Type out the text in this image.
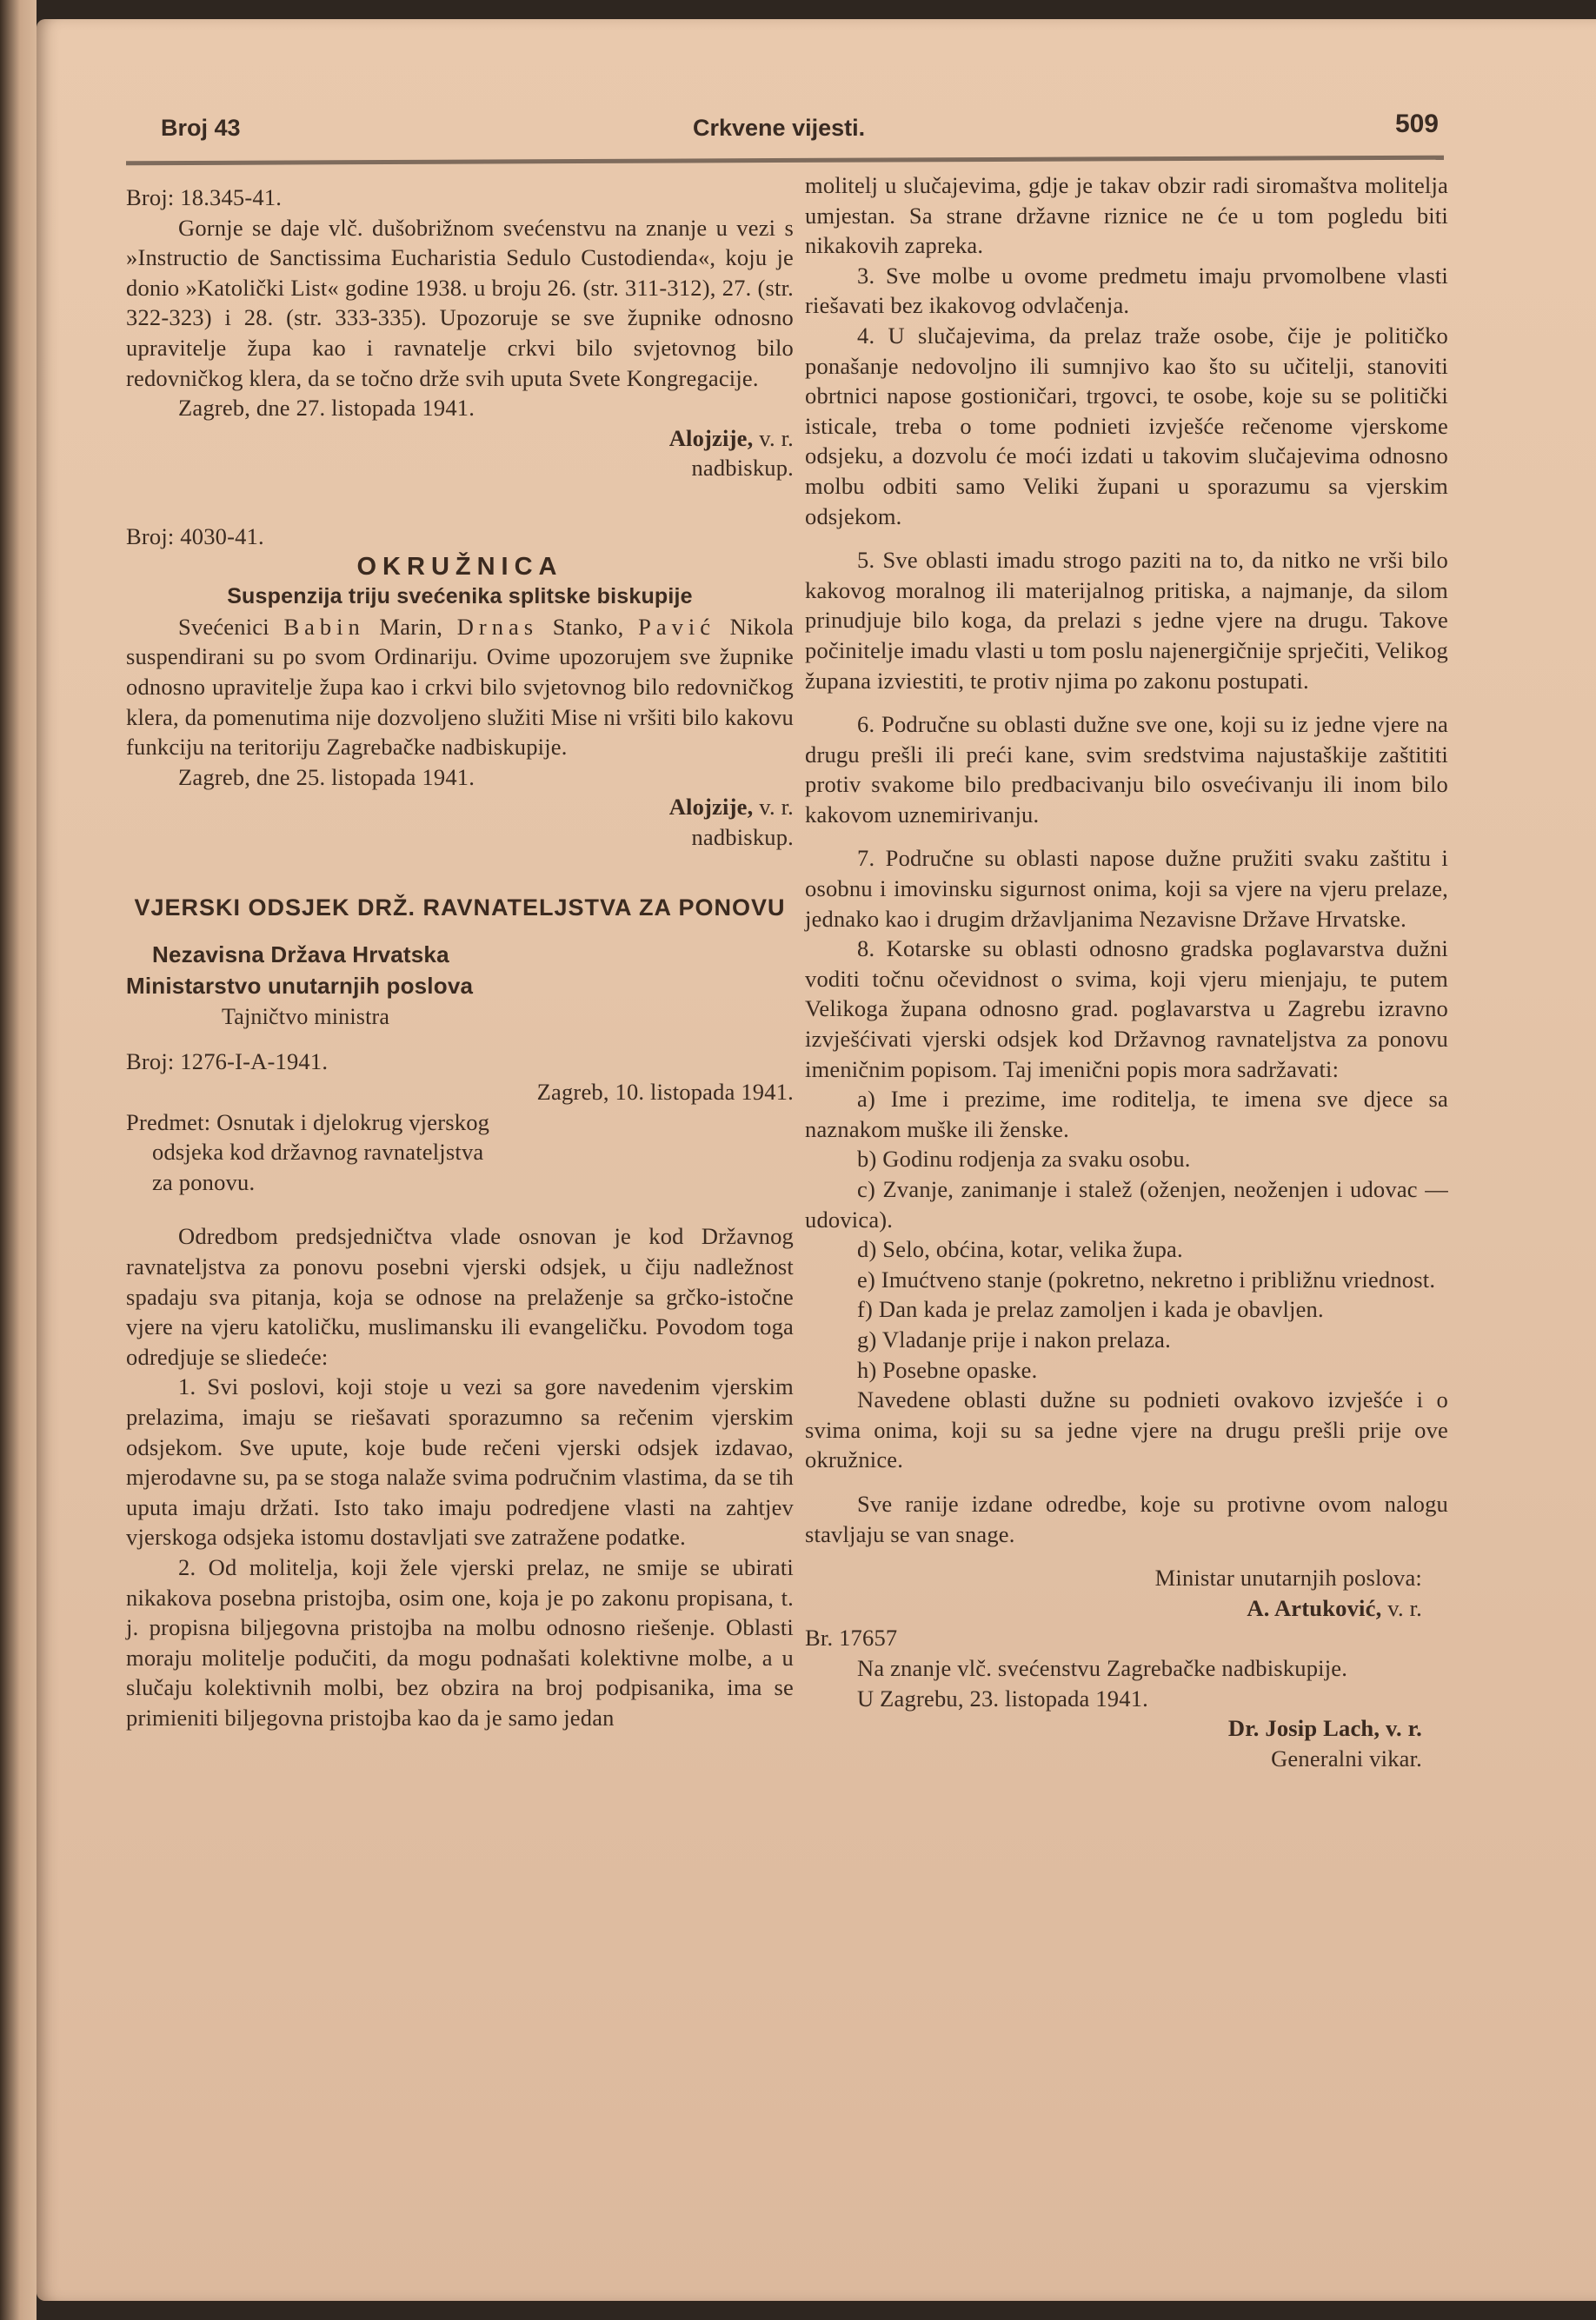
Broj 43	Crkvene vijesti.	509

Broj: 18.345-41.

Gornje se daje vlč. dušobrižnom svećenstvu na znanje u vezi s »Instructio de Sanctissima Eucharistia Sedulo Custodienda«, koju je donio »Katolički List« godine 1938. u broju 26. (str. 311-312), 27. (str. 322-323) i 28. (str. 333-335). Upozoruje se sve župnike odnosno upravitelje župa kao i ravnatelje crkvi bilo svjetovnog bilo redovničkog klera, da se točno drže svih uputa Svete Kongregacije.

Zagreb, dne 27. listopada 1941.

Alojzije, v. r.

nadbiskup.

Broj: 4030-41.

OKRUŽNICA

Suspenzija triju svećenika splitske biskupije

Svećenici Babin Marin, Drnas Stanko, Pavić Nikola suspendirani su po svom Ordinariju. Ovime upozorujem sve župnike odnosno upravitelje župa kao i crkvi bilo svjetovnog bilo redovničkog klera, da pomenutima nije dozvoljeno služiti Mise ni vršiti bilo kakovu funkciju na teritoriju Zagrebačke nadbiskupije.

Zagreb, dne 25. listopada 1941.

Alojzije, v. r.

nadbiskup.

VJERSKI ODSJEK DRŽ. RAVNATELJSTVA ZA PONOVU

Nezavisna Država Hrvatska
Ministarstvo unutarnjih poslova
Tajničtvo ministra

Broj: 1276-I-A-1941.

Zagreb, 10. listopada 1941.

Predmet: Osnutak i djelokrug vjerskog
odsjeka kod državnog ravnateljstva
za ponovu.

Odredbom predsjedničtva vlade osnovan je kod Državnog ravnateljstva za ponovu posebni vjerski odsjek, u čiju nadležnost spadaju sva pitanja, koja se odnose na prelaženje sa grčko-istočne vjere na vjeru katoličku, muslimansku ili evangeličku. Povodom toga odredjuje se sliedeće:

1. Svi poslovi, koji stoje u vezi sa gore navedenim vjerskim prelazima, imaju se riešavati sporazumno sa rečenim vjerskim odsjekom. Sve upute, koje bude rečeni vjerski odsjek izdavao, mjerodavne su, pa se stoga nalaže svima područnim vlastima, da se tih uputa imaju držati. Isto tako imaju podredjene vlasti na zahtjev vjerskoga odsjeka istomu dostavljati sve zatražene podatke.

2. Od molitelja, koji žele vjerski prelaz, ne smije se ubirati nikakova posebna pristojba, osim one, koja je po zakonu propisana, t. j. propisna biljegovna pristojba na molbu odnosno riešenje. Oblasti moraju molitelje podučiti, da mogu podnašati kolektivne molbe, a u slučaju kolektivnih molbi, bez obzira na broj podpisanika, ima se primieniti biljegovna pristojba kao da je samo jedan

molitelj u slučajevima, gdje je takav obzir radi siromaštva molitelja umjestan. Sa strane državne riznice ne će u tom pogledu biti nikakovih zapreka.

3. Sve molbe u ovome predmetu imaju prvomolbene vlasti riešavati bez ikakovog odvlačenja.

4. U slučajevima, da prelaz traže osobe, čije je političko ponašanje nedovoljno ili sumnjivo kao što su učitelji, stanoviti obrtnici napose gostioničari, trgovci, te osobe, koje su se politički isticale, treba o tome podnieti izvješće rečenome vjerskome odsjeku, a dozvolu će moći izdati u takovim slučajevima odnosno molbu odbiti samo Veliki župani u sporazumu sa vjerskim odsjekom.

5. Sve oblasti imadu strogo paziti na to, da nitko ne vrši bilo kakovog moralnog ili materijalnog pritiska, a najmanje, da silom prinudjuje bilo koga, da prelazi s jedne vjere na drugu. Takove počinitelje imadu vlasti u tom poslu najenergičnije sprječiti, Velikog župana izviestiti, te protiv njima po zakonu postupati.

6. Područne su oblasti dužne sve one, koji su iz jedne vjere na drugu prešli ili preći kane, svim sredstvima najustaškije zaštititi protiv svakome bilo predbacivanju bilo osvećivanju ili inom bilo kakovom uznemirivanju.

7. Područne su oblasti napose dužne pružiti svaku zaštitu i osobnu i imovinsku sigurnost onima, koji sa vjere na vjeru prelaze, jednako kao i drugim državljanima Nezavisne Države Hrvatske.

8. Kotarske su oblasti odnosno gradska poglavarstva dužni voditi točnu očevidnost o svima, koji vjeru mienjaju, te putem Velikoga župana odnosno grad. poglavarstva u Zagrebu izravno izvješćivati vjerski odsjek kod Državnog ravnateljstva za ponovu imeničnim popisom. Taj imenični popis mora sadržavati:

a) Ime i prezime, ime roditelja, te imena sve djece sa naznakom muške ili ženske.

b) Godinu rodjenja za svaku osobu.

c) Zvanje, zanimanje i stalež (oženjen, neoženjen i udovac — udovica).

d) Selo, obćina, kotar, velika župa.

e) Imućtveno stanje (pokretno, nekretno i približnu vriednost.

f) Dan kada je prelaz zamoljen i kada je obavljen.

g) Vladanje prije i nakon prelaza.

h) Posebne opaske.

Navedene oblasti dužne su podnieti ovakovo izvješće i o svima onima, koji su sa jedne vjere na drugu prešli prije ove okružnice.

Sve ranije izdane odredbe, koje su protivne ovom nalogu stavljaju se van snage.

Ministar unutarnjih poslova:

A. Artuković, v. r.

Br. 17657

Na znanje vlč. svećenstvu Zagrebačke nadbiskupije.

U Zagrebu, 23. listopada 1941.

Dr. Josip Lach, v. r.

Generalni vikar.
